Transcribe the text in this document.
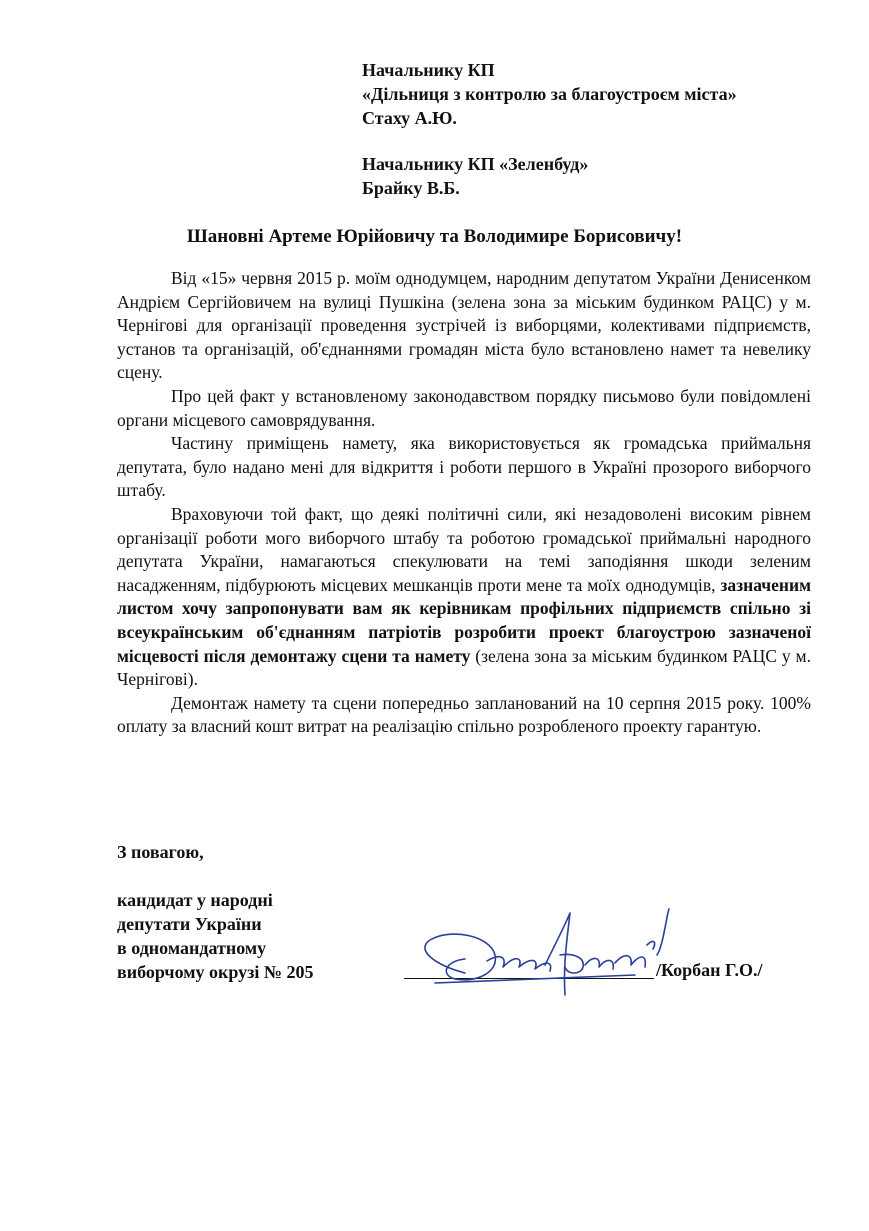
Начальнику КП
«Дільниця з контролю за благоустроєм міста»
Стаху А.Ю.
Начальнику КП «Зеленбуд»
Брайку В.Б.
Шановні Артеме Юрійовичу та Володимире Борисовичу!

Від «15» червня 2015 р. моїм однодумцем, народним депутатом України Денисенком Андрієм Сергійовичем на вулиці Пушкіна (зелена зона за міським будинком РАЦС) у м. Чернігові для організації проведення зустрічей із виборцями, колективами підприємств, установ та організацій, об'єднаннями громадян міста було встановлено намет та невелику сцену.

Про цей факт у встановленому законодавством порядку письмово були повідомлені органи місцевого самоврядування.

Частину приміщень намету, яка використовується як громадська приймальня депутата, було надано мені для відкриття і роботи першого в Україні прозорого виборчого штабу.

Враховуючи той факт, що деякі політичні сили, які незадоволені високим рівнем організації роботи мого виборчого штабу та роботою громадської приймальні народного депутата України, намагаються спекулювати на темі заподіяння шкоди зеленим насадженням, підбурюють місцевих мешканців проти мене та моїх однодумців, зазначеним листом хочу запропонувати вам як керівникам профільних підприємств спільно зі всеукраїнським об'єднанням патріотів розробити проект благоустрою зазначеної місцевості після демонтажу сцени та намету (зелена зона за міським будинком РАЦС у м. Чернігові).

Демонтаж намету та сцени попередньо запланований на 10 серпня 2015 року. 100% оплату за власний кошт витрат на реалізацію спільно розробленого проекту гарантую.

З повагою,
кандидат у народні
депутати України
в одномандатному
виборчому окрузі № 205	/Корбан Г.О./
